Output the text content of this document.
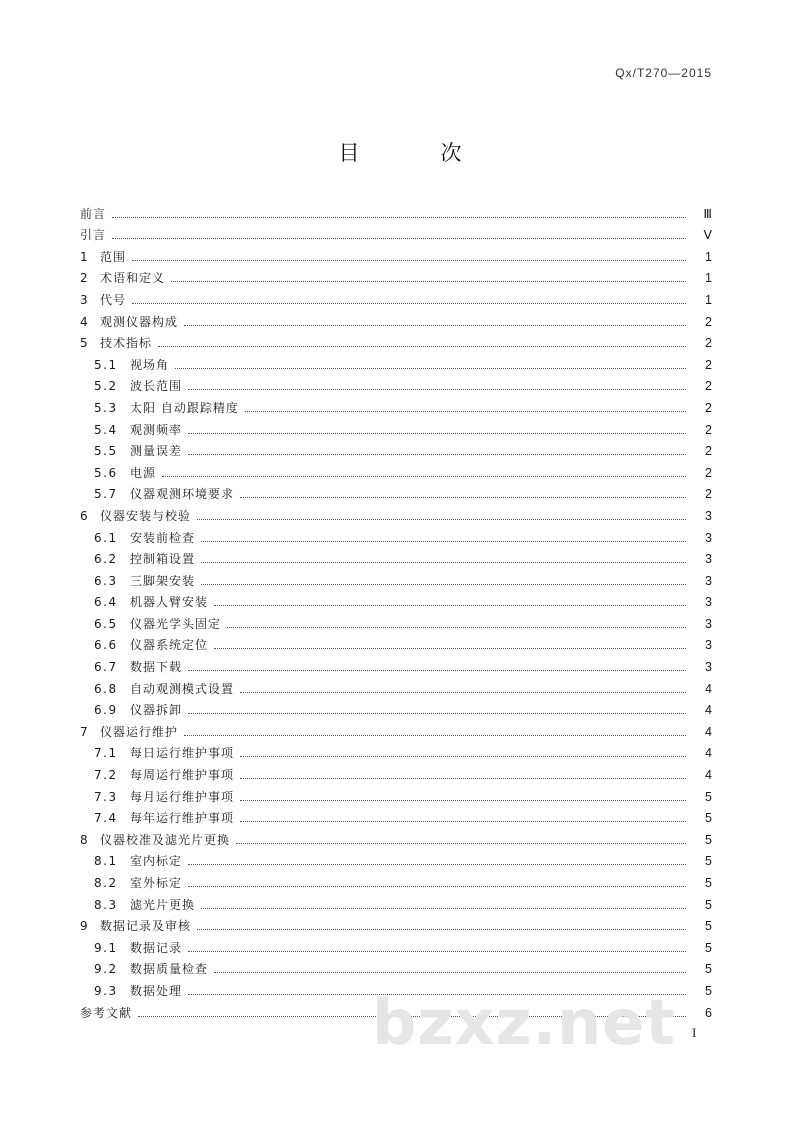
Qx/T270—2015
目　次
前言	Ⅲ
引言	Ⅴ
1 范围	1
2 术语和定义	1
3 代号	1
4 观测仪器构成	2
5 技术指标	2
5.1	视场角	2
5.2	波长范围	2
5.3	太阳 自动跟踪精度	2
5.4	观测频率	2
5.5	测量误差	2
5.6	电源	2
5.7	仪器观测环境要求	2
6 仪器安装与校验	3
6.1	安装前检查	3
6.2	控制箱设置	3
6.3	三脚架安装	3
6.4	机器人臂安装	3
6.5	仪器光学头固定	3
6.6	仪器系统定位	3
6.7	数据下载	3
6.8	自动观测模式设置	4
6.9	仪器拆卸	4
7 仪器运行维护	4
7.1	每日运行维护事项	4
7.2	每周运行维护事项	4
7.3	每月运行维护事项	5
7.4	每年运行维护事项	5
8 仪器校准及滤光片更换	5
8.1	室内标定	5
8.2	室外标定	5
8.3	滤光片更换	5
9 数据记录及审核	5
9.1	数据记录	5
9.2	数据质量检查	5
9.3	数据处理	5
参考文献	6
I
bzxz.net
